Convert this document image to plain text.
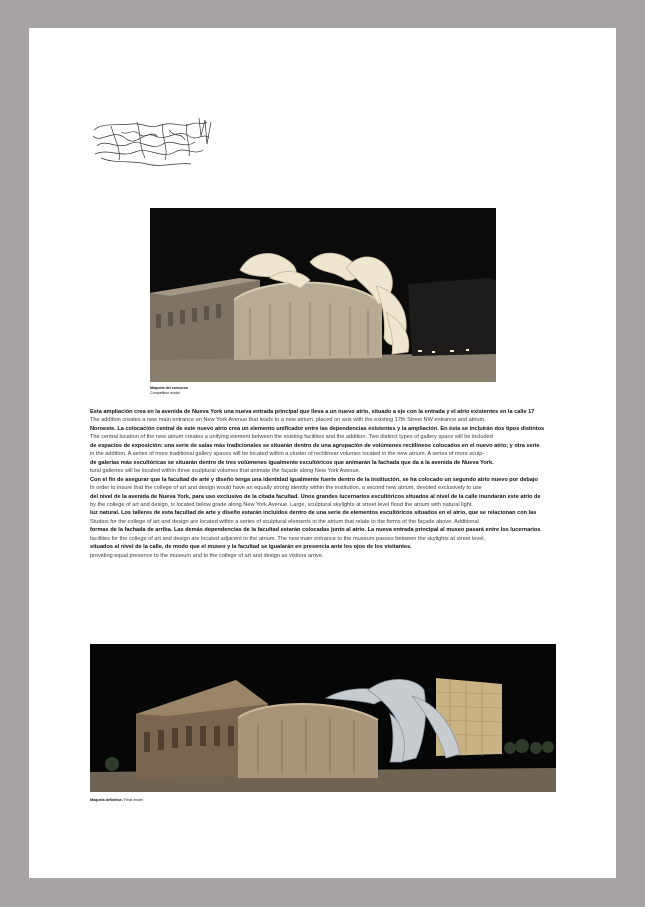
Maqueta del concurso
Competition model

Esta ampliación crea en la avenida de Nueva York una nueva entrada principal que lleva a un nuevo atrio, situado a eje con la entrada y el atrio existentes en la calle 17

The addition creates a new main entrance on New York Avenue that leads to a new atrium, placed on axis with the existing 17th Street NW entrance and atrium.

Noroeste. La colocación central de este nuevo atrio crea un elemento unificador entre las dependencias existentes y la ampliación. En ésta se incluirán dos tipos distintos

The central location of the new atrium creates a unifying element between the existing facilities and the addition. Two distinct types of gallery space will be included

de espacios de exposición: una serie de salas más tradicionales se situarán dentro de una agrupación de volúmenes rectilíneos colocados en el nuevo atrio; y otra serie

in the addition. A series of more traditional gallery spaces will be located within a cluster of rectilinear volumes located in the new atrium. A series of more sculp-

de galerías más escultóricas se situarán dentro de tres volúmenes igualmente escultóricos que animarán la fachada que da a la avenida de Nueva York.

tural galleries will be located within three sculptural volumes that animate the façade along New York Avenue.

Con el fin de asegurar que la facultad de arte y diseño tenga una identidad igualmente fuerte dentro de la institución, se ha colocado un segundo atrio nuevo por debajo

In order to insure that the college of art and design would have an equally strong identity within the institution, a second new atrium, devoted exclusively to use

del nivel de la avenida de Nueva York, para uso exclusivo de la citada facultad. Unos grandes lucernarios escultóricos situados al nivel de la calle inundarán este atrio de

by the college of art and design, is located below grade along New York Avenue. Large, sculptural skylights at street level flood the atrium with natural light.

luz natural. Los talleres de esta facultad de arte y diseño estarán incluidos dentro de una serie de elementos escultóricos situados en el atrio, que se relacionan con las

Studios for the college of art and design are located within a series of sculptural elements in the atrium that relate to the forms of the façade above. Additional

formas de la fachada de arriba. Las demás dependencias de la facultad estarán colocadas junto al atrio. La nueva entrada principal al museo pasará entre los lucernarios

facilities for the college of art and design are located adjacent to the atrium. The new main entrance to the museum passes between the skylights at street level,

situados al nivel de la calle, de modo que el museo y la facultad se igualarán en presencia ante los ojos de los visitantes.

providing equal presence to the museum and to the college of art and design as visitors arrive.

Maqueta definitiva / Final model
